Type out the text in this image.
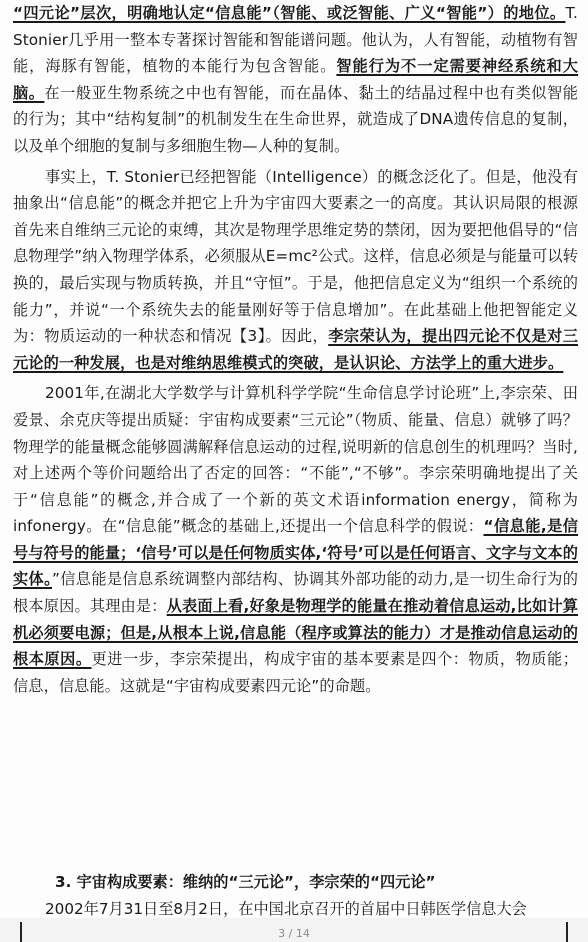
“四元论”层次，明确地认定“信息能”（智能、或泛智能、广义“智能”）的地位。T. Stonier几乎用一整本专著探讨智能和智能谱问题。他认为，人有智能，动植物有智能，海豚有智能，植物的本能行为包含智能。智能行为不一定需要神经系统和大脑。在一般亚生物系统之中也有智能，而在晶体、黏土的结晶过程中也有类似智能的行为；其中“结构复制”的机制发生在生命世界，就造成了DNA遗传信息的复制，以及单个细胞的复制与多细胞生物—人种的复制。

事实上，T. Stonier已经把智能（Intelligence）的概念泛化了。但是，他没有抽象出“信息能”的概念并把它上升为宇宙四大要素之一的高度。其认识局限的根源首先来自维纳三元论的束缚，其次是物理学思维定势的禁闭，因为要把他倡导的“信息物理学”纳入物理学体系，必须服从E=mc²公式。这样，信息必须是与能量可以转换的，最后实现与物质转换，并且“守恒”。于是，他把信息定义为“组织一个系统的能力”，并说“一个系统失去的能量刚好等于信息增加”。在此基础上他把智能定义为：物质运动的一种状态和情况【3】。因此，李宗荣认为，提出四元论不仅是对三元论的一种发展，也是对维纳思维模式的突破，是认识论、方法学上的重大进步。

2001年,在湖北大学数学与计算机科学学院“生命信息学讨论班”上,李宗荣、田爱景、余克庆等提出质疑：宇宙构成要素“三元论”（物质、能量、信息）就够了吗？物理学的能量概念能够圆满解释信息运动的过程,说明新的信息创生的机理吗？当时,对上述两个等价问题给出了否定的回答：“不能”,“不够”。李宗荣明确地提出了关于“信息能”的概念,并合成了一个新的英文术语information energy，简称为infonergy。在“信息能”概念的基础上,还提出一个信息科学的假说：“信息能,是信号与符号的能量；‘信号’可以是任何物质实体,‘符号’可以是任何语言、文字与文本的实体。”信息能是信息系统调整内部结构、协调其外部功能的动力,是一切生命行为的根本原因。其理由是：从表面上看,好象是物理学的能量在推动着信息运动,比如计算机必须要电源；但是,从根本上说,信息能（程序或算法的能力）才是推动信息运动的根本原因。更进一步，李宗荣提出，构成宇宙的基本要素是四个：物质，物质能；信息，信息能。这就是“宇宙构成要素四元论”的命题。

3. 宇宙构成要素：维纳的“三元论”，李宗荣的“四元论”

2002年7月31日至8月2日，在中国北京召开的首届中日韩医学信息大会

3 / 14
